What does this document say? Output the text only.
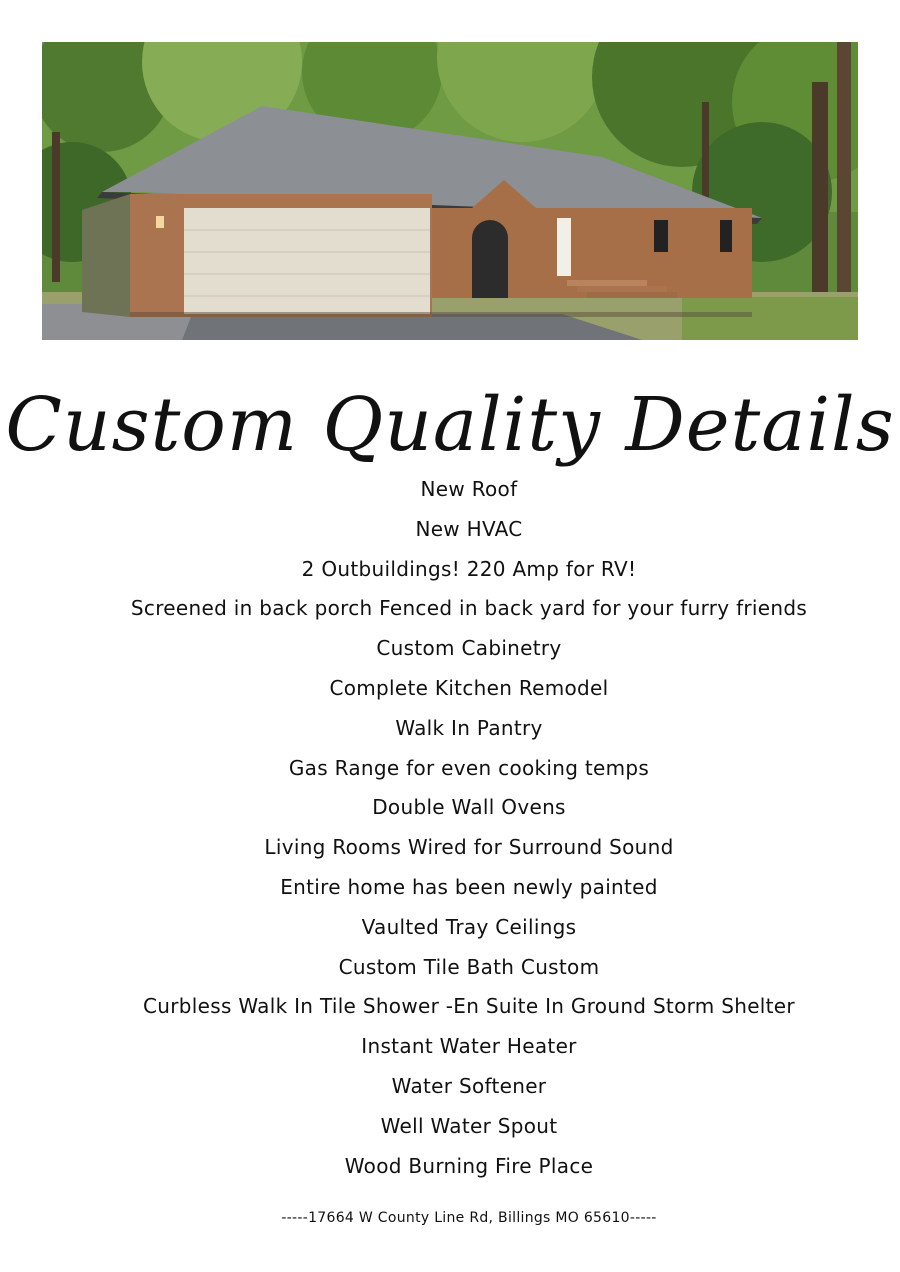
Custom Quality Details
New Roof
New HVAC
2 Outbuildings! 220 Amp for RV!
Screened in back porch Fenced in back yard for your furry friends
Custom Cabinetry
Complete Kitchen Remodel
Walk In Pantry
Gas Range for even cooking temps
Double Wall Ovens
Living Rooms Wired for Surround Sound
Entire home has been newly painted
Vaulted Tray Ceilings
Custom Tile Bath Custom
Curbless Walk In Tile Shower -En Suite In Ground Storm Shelter
Instant Water Heater
Water Softener
Well Water Spout
Wood Burning Fire Place
-----17664 W County Line Rd, Billings MO 65610-----
